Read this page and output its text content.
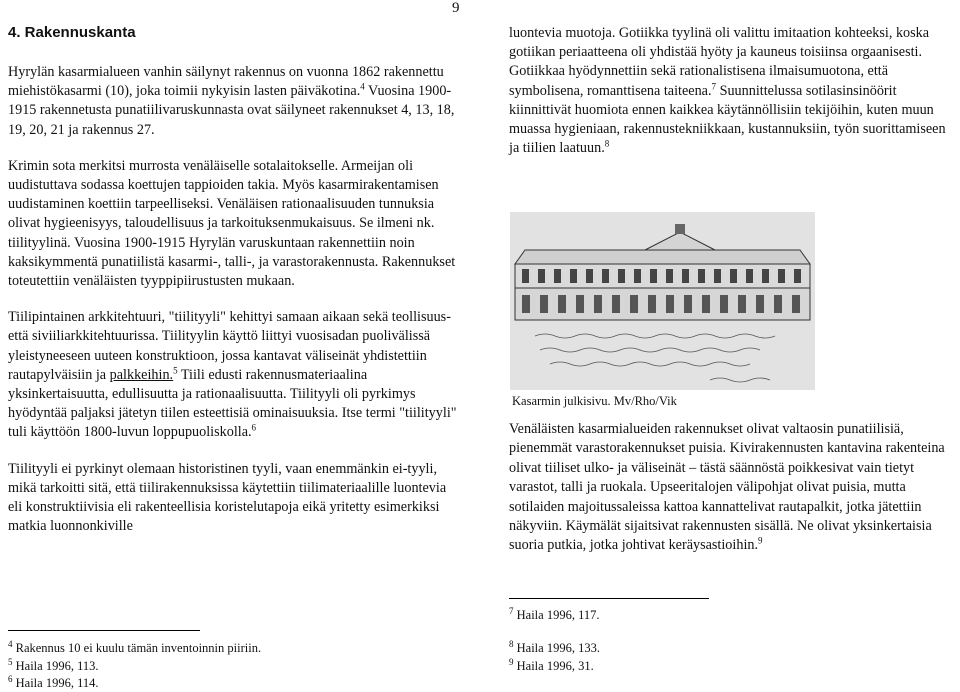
9
4. Rakennuskanta

Hyrylän kasarmialueen vanhin säilynyt rakennus on vuonna 1862 rakennettu miehistökasarmi (10), joka toimii nykyisin lasten päiväkotina.$^4$ Vuosina 1900-1915 rakennetusta punatiilivaruskunnasta ovat säilyneet rakennukset 4, 13, 18, 19, 20, 21 ja rakennus 27.

Krimin sota merkitsi murrosta venäläiselle sotalaitokselle. Armeijan oli uudistuttava sodassa koettujen tappioiden takia. Myös kasarmirakentamisen uudistaminen koettiin tarpeelliseksi. Venäläisen rationaalisuuden tunnuksia olivat hygieenisyys, taloudellisuus ja tarkoituksenmukaisuus. Se ilmeni nk. tiilityylinä. Vuosina 1900-1915 Hyrylän varuskuntaan rakennettiin noin kaksikymmentä punatiilistä kasarmi-, talli-, ja varastorakennusta. Rakennukset toteutettiin venäläisten tyyppipiirustusten mukaan.

Tiilipintainen arkkitehtuuri, "tiilityyli" kehittyi samaan aikaan sekä teollisuus- että siviiliarkkitehtuurissa. Tiilityylin käyttö liittyi vuosisadan puolivälissä yleistyneeseen uuteen konstruktioon, jossa kantavat väliseinät yhdistettiin rautapylväisiin ja palkkeihin.$^5$ Tiili edusti rakennusmateriaalina yksinkertaisuutta, edullisuutta ja rationaalisuutta. Tiilityyli oli pyrkimys hyödyntää paljaksi jätetyn tiilen esteettisiä ominaisuuksia. Itse termi "tiilityyli" tuli käyttöön 1800-luvun loppupuoliskolla.$^6$

Tiilityyli ei pyrkinyt olemaan historistinen tyyli, vaan enemmänkin ei-tyyli, mikä tarkoitti sitä, että tiilirakennuksissa käytettiin tiilimateriaalille luontevia eli konstruktiivisia eli rakenteellisia koristelutapoja eikä yritetty esimerkiksi matkia luonnonkiville

$^4$ Rakennus 10 ei kuulu tämän inventoinnin piiriin.

$^5$ Haila 1996, 113.

$^6$ Haila 1996, 114.

luontevia muotoja. Gotiikka tyylinä oli valittu imitaation kohteeksi, koska gotiikan periaatteena oli yhdistää hyöty ja kauneus toisiinsa orgaanisesti. Gotiikkaa hyödynnettiin sekä rationalistisena ilmaisumuotona, että symbolisena, romanttisena taiteena.$^7$ Suunnittelussa sotilasinsinöörit kiinnittivät huomiota ennen kaikkea käytännöllisiin tekijöihin, kuten muun muassa hygieniaan, rakennustekniikkaan, kustannuksiin, työn suorittamiseen ja tiilien laatuun.$^8$

Kasarmin julkisivu. Mv/Rho/Vik

Venäläisten kasarmialueiden rakennukset olivat valtaosin punatiilisiä, pienemmät varastorakennukset puisia. Kivirakennusten kantavina rakenteina olivat tiiliset ulko- ja väliseinät – tästä säännöstä poikkesivat vain tietyt varastot, talli ja ruokala. Upseeritalojen välipohjat olivat puisia, mutta sotilaiden majoitussaleissa kattoa kannattelivat rautapalkit, jotka jätettiin näkyviin. Käymälät sijaitsivat rakennusten sisällä. Ne olivat yksinkertaisia suoria putkia, jotka johtivat keräysastioihin.$^9$

$^7$ Haila 1996, 117.

$^8$ Haila 1996, 133.

$^9$ Haila 1996, 31.
